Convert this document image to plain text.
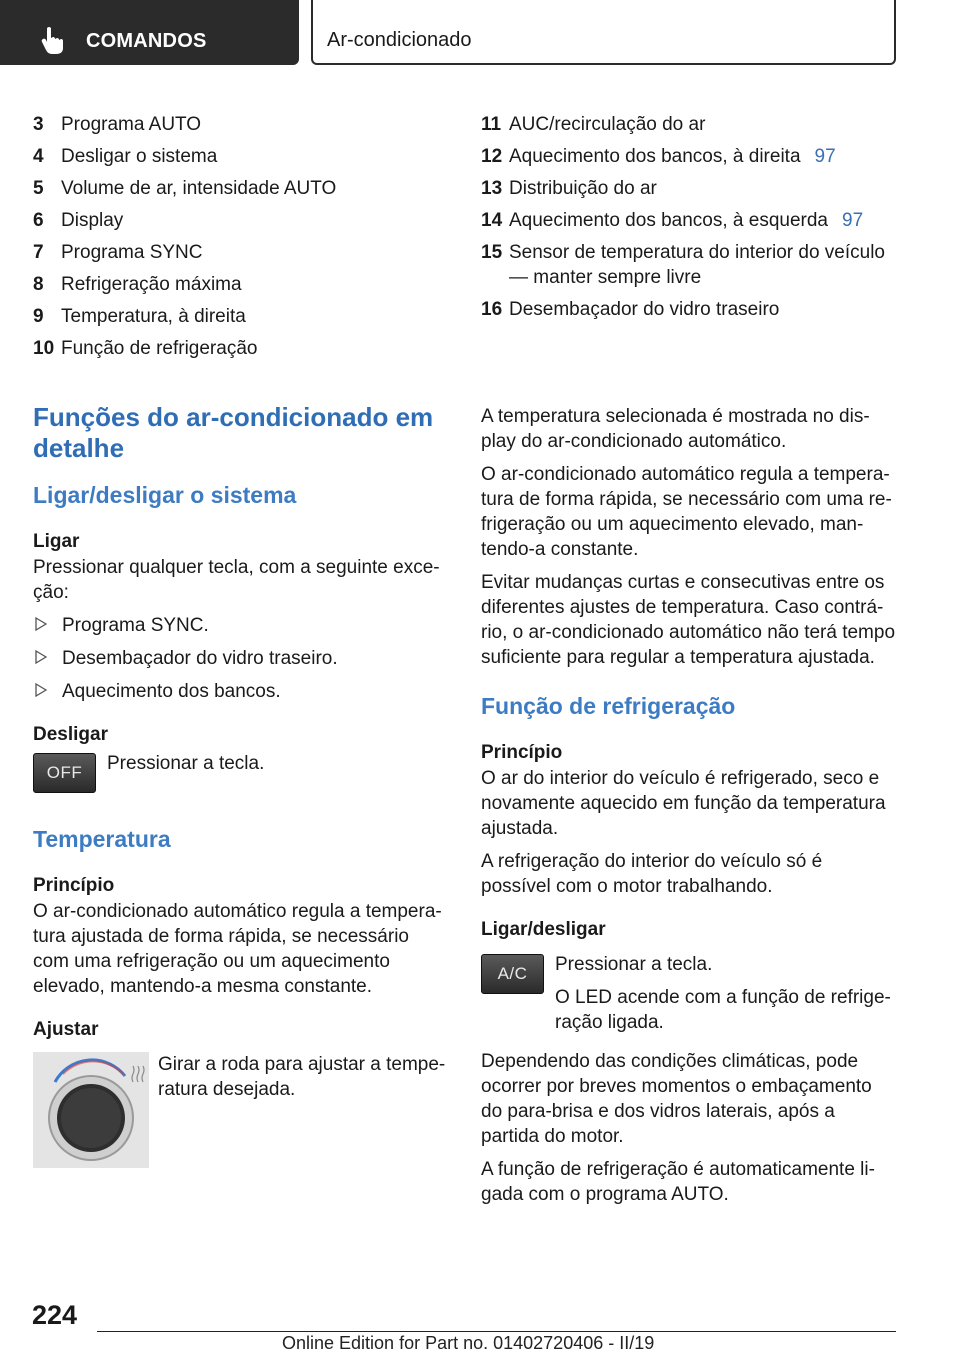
COMANDOS	Ar-condicionado
3 Programa AUTO
4 Desligar o sistema
5 Volume de ar, intensidade AUTO
6 Display
7 Programa SYNC
8 Refrigeração máxima
9 Temperatura, à direita
10 Função de refrigeração
11 AUC/recirculação do ar
12 Aquecimento dos bancos, à direita 97
13 Distribuição do ar
14 Aquecimento dos bancos, à esquerda 97
15 Sensor de temperatura do interior do veículo — manter sempre livre
16 Desembaçador do vidro traseiro
Funções do ar-condicionado em detalhe
Ligar/desligar o sistema
Ligar

Pressionar qualquer tecla, com a seguinte exce-ção:

Programa SYNC.
Desembaçador do vidro traseiro.
Aquecimento dos bancos.
Desligar
OFF	Pressionar a tecla.

Temperatura
Princípio

O ar-condicionado automático regula a tempera-tura ajustada de forma rápida, se necessário com uma refrigeração ou um aquecimento elevado, mantendo-a mesma constante.

Ajustar

Girar a roda para ajustar a tempe-ratura desejada.

A temperatura selecionada é mostrada no dis-play do ar-condicionado automático.

O ar-condicionado automático regula a tempera-tura de forma rápida, se necessário com uma re-frigeração ou um aquecimento elevado, man-tendo-a constante.

Evitar mudanças curtas e consecutivas entre os diferentes ajustes de temperatura. Caso contrá-rio, o ar-condicionado automático não terá tempo suficiente para regular a temperatura ajustada.

Função de refrigeração
Princípio

O ar do interior do veículo é refrigerado, seco e novamente aquecido em função da temperatura ajustada.

A refrigeração do interior do veículo só é possível com o motor trabalhando.

Ligar/desligar
A/C	Pressionar a tecla.

O LED acende com a função de refrige-ração ligada.

Dependendo das condições climáticas, pode ocorrer por breves momentos o embaçamento do para-brisa e dos vidros laterais, após a partida do motor.

A função de refrigeração é automaticamente li-gada com o programa AUTO.

224
Online Edition for Part no. 01402720406 - II/19
